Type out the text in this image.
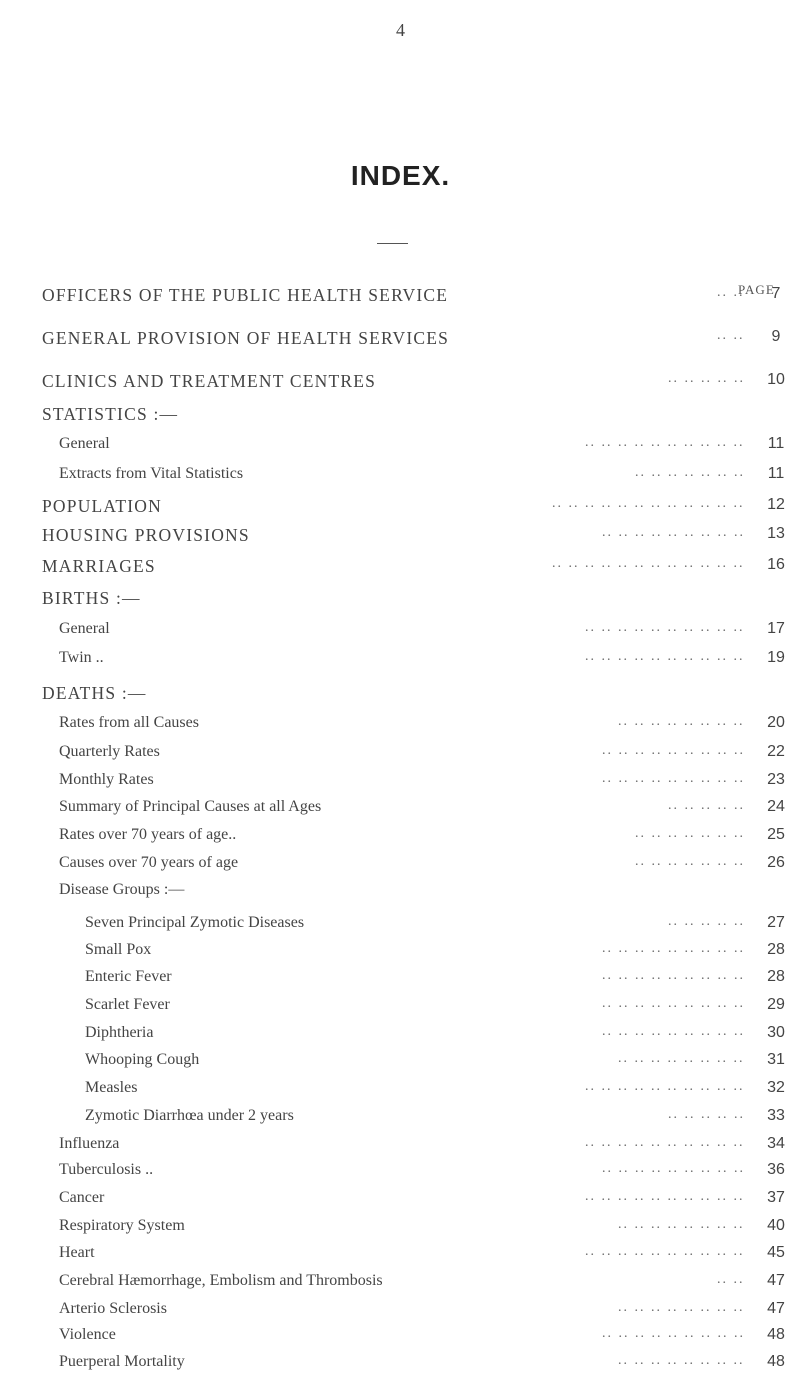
4
INDEX.
PAGE
OFFICERS OF THE PUBLIC HEALTH SERVICE	.. ..	7
GENERAL PROVISION OF HEALTH SERVICES	.. ..	9
CLINICS AND TREATMENT CENTRES	.. .. .. .. ..	10
STATISTICS :—
General	.. .. .. .. .. .. .. .. .. ..	11
Extracts from Vital Statistics	.. .. .. .. .. .. ..	11
POPULATION	.. .. .. .. .. .. .. .. .. .. .. ..	12
HOUSING PROVISIONS	.. .. .. .. .. .. .. .. ..	13
MARRIAGES	.. .. .. .. .. .. .. .. .. .. .. ..	16
BIRTHS :—
General	.. .. .. .. .. .. .. .. .. ..	17
Twin ..	.. .. .. .. .. .. .. .. .. ..	19
DEATHS :—
Rates from all Causes	.. .. .. .. .. .. .. ..	20
Quarterly Rates	.. .. .. .. .. .. .. .. ..	22
Monthly Rates	.. .. .. .. .. .. .. .. ..	23
Summary of Principal Causes at all Ages	.. .. .. .. ..	24
Rates over 70 years of age..	.. .. .. .. .. .. ..	25
Causes over 70 years of age	.. .. .. .. .. .. ..	26
Disease Groups :—
Seven Principal Zymotic Diseases	.. .. .. .. ..	27
Small Pox	.. .. .. .. .. .. .. .. ..	28
Enteric Fever	.. .. .. .. .. .. .. .. ..	28
Scarlet Fever	.. .. .. .. .. .. .. .. ..	29
Diphtheria	.. .. .. .. .. .. .. .. ..	30
Whooping Cough	.. .. .. .. .. .. .. ..	31
Measles	.. .. .. .. .. .. .. .. .. ..	32
Zymotic Diarrhœa under 2 years	.. .. .. .. ..	33
Influenza	.. .. .. .. .. .. .. .. .. ..	34
Tuberculosis ..	.. .. .. .. .. .. .. .. ..	36
Cancer	.. .. .. .. .. .. .. .. .. ..	37
Respiratory System	.. .. .. .. .. .. .. ..	40
Heart	.. .. .. .. .. .. .. .. .. ..	45
Cerebral Hæmorrhage, Embolism and Thrombosis	.. ..	47
Arterio Sclerosis	.. .. .. .. .. .. .. ..	47
Violence	.. .. .. .. .. .. .. .. ..	48
Puerperal Mortality	.. .. .. .. .. .. .. ..	48
